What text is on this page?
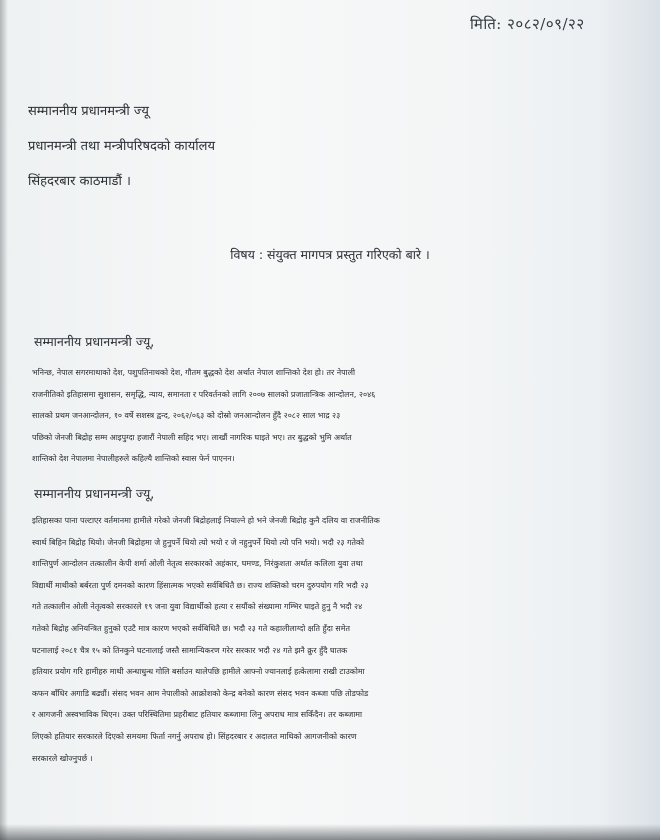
मिति: २०८२/०९/२२
सम्माननीय प्रधानमन्त्री ज्यू
प्रधानमन्त्री तथा मन्त्रीपरिषदको कार्यालय
सिंहदरबार काठमाडौं ।
विषय : संयुक्त मागपत्र प्रस्तुत गरिएको बारे ।
सम्माननीय प्रधानमन्त्री ज्यू,
भनिन्छ, नेपाल सगरमाथाको देश, पशुपतिनाथको देश, गौतम बुद्धको देश अर्थात नेपाल शान्तिको देश हो। तर नेपाली
राजनीतिको इतिहासमा सुशासन, समृद्धि, न्याय, समानता र परिवर्तनको लागि २००७ सालको प्रजातान्त्रिक आन्दोलन, २०४६
सालको प्रथम जनआन्दोलन, १० वर्षे सशस्त्र द्वन्द, २०६२/०६३ को दोस्रो जनआन्दोलन हुँदै २०८२ साल भाद्र २३
पछिको जेनजी बिद्रोह सम्म आइपुग्दा हजारौं नेपाली सहिद भए। लाखौं नागरिक घाइते भए। तर बुद्धको भुमि अर्थात
शान्तिको देश नेपालमा नेपालीहरुले कहिल्यै शान्तिको स्वास फेर्न पाएनन।
सम्माननीय प्रधानमन्त्री ज्यू,
इतिहासका पाना पल्टाएर वर्तमानमा हामीले गरेको जेनजी बिद्रोहलाई नियाल्ने हो भने जेनजी बिद्रोह कुनै दलिय वा राजनीतिक
स्वार्थ बिहिन बिद्रोह थियो। जेनजी बिद्रोहमा जे हुनुपर्ने थियो त्यो भयो र जे नहुनुपर्ने थियो त्यो पनि भयो। भदौ २३ गतेको
शान्तिपुर्ण आन्दोलन तत्कालीन केपी शर्मा ओली नेतृत्व सरकारको अहंकार, घमण्ड, निरंकुशता अर्थात कलिला युवा तथा
विद्यार्थी माथीको बर्बरता पुर्ण दमनको कारण हिंसात्मक भएको सर्वबिधितै छ। राज्य शक्तिको चरम दुरुपयोग गरि भदौ २३
गते तत्कालीन ओली नेतृत्वको सरकारले १९ जना युवा विद्यार्थीको हत्या र सयौंको संख्यामा गम्भिर घाइते हुनु नै भदौ २४
गतेको बिद्रोह अनियन्त्रित हुनुको एउटै मात्र कारण भएको सर्वबिधितै छ। भदौ २३ गते कहालीलाग्दो क्षति हुँदा समेत
घटनालाई २०८१ चैत्र १५ को तिनकुने घटनालाई जस्तै सामान्यिकरण गरेर सरकार भदौ २४ गते झनै क्रुर हुँदै घातक
हतियार प्रयोग गरि हामीहरु माथी अन्धाधुन्ध गोलि बर्साउन थालेपछि हामीले आफ्नो ज्यानलाई हत्केलामा राखी टाउकोमा
कफन बाँधिर अगाडि बढ्यौं। संसद भवन आम नेपालीको आक्रोशको केन्द्र बनेको कारण संसद भवन कब्जा पछि तोडफोड
र आगजनी अस्वभाविक थिएन। उक्त परिस्थितिमा प्रहरीबाट हतियार कब्जामा लिनु अपराध मात्र सकिँदैन। तर कब्जामा
लिएको हतियार सरकारले दिएको समयमा फिर्ता नगर्नु अपराध हो। सिंहदरबार र अदालत माथिको आगजनीको कारण
सरकारले खोज्नुपर्छ ।
